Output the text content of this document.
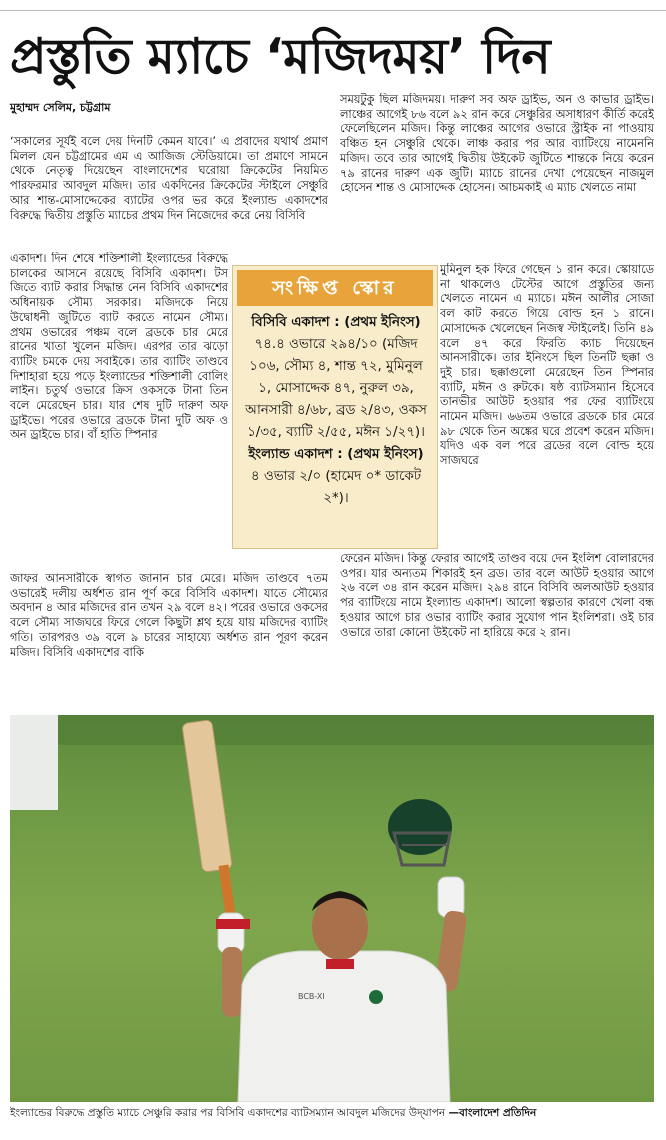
প্রস্তুতি ম্যাচে ‘মজিদময়’ দিন
মুহাম্মদ সেলিম, চট্টগ্রাম

‘সকালের সূর্যই বলে দেয় দিনটি কেমন যাবে।’ এ প্রবাদের যথার্থ প্রমাণ মিলল যেন চট্টগ্রামের এম এ আজিজ স্টেডিয়ামে। তা প্রমাণে সামনে থেকে নেতৃত্ব দিয়েছেন বাংলাদেশের ঘরোয়া ক্রিকেটের নিয়মিত পারফরমার আবদুল মজিদ। তার একদিনের ক্রিকেটের স্টাইলে সেঞ্চুরি আর শান্ত-মোসাদ্দেকের ব্যাটের ওপর ভর করে ইংল্যান্ড একাদশের বিরুদ্ধে দ্বিতীয় প্রস্তুতি ম্যাচের প্রথম দিন নিজেদের করে নেয় বিসিবি

একাদশ। দিন শেষে শক্তিশালী ইংল্যান্ডের বিরুদ্ধে চালকের আসনে রয়েছে বিসিবি একাদশ। টস জিতে ব্যাট করার সিদ্ধান্ত নেন বিসিবি একাদশের অধিনায়ক সৌম্য সরকার। মজিদকে নিয়ে উদ্বোধনী জুটিতে ব্যাট করতে নামেন সৌম্য। প্রথম ওভারের পঞ্চম বলে ব্রডকে চার মেরে রানের খাতা খুলেন মজিদ। এরপর তার ঝড়ো ব্যাটিং চমকে দেয় সবাইকে। তার ব্যাটিং তাণ্ডবে দিশাহারা হয়ে পড়ে ইংল্যান্ডের শক্তিশালী বোলিং লাইন। চতুর্থ ওভারে ক্রিস ওকসকে টানা তিন বলে মেরেছেন চার। যার শেষ দুটি দারুণ অফ ড্রাইভে। পরের ওভারে ব্রডকে টানা দুটি অফ ও অন ড্রাইভে চার। বাঁ হাতি স্পিনার

জাফর আনসারীকে স্বাগত জানান চার মেরে। মজিদ তাণ্ডবে ৭তম ওভারেই দলীয় অর্ধশত রান পূর্ণ করে বিসিবি একাদশ। যাতে সৌম্যের অবদান ৪ আর মজিদের রান তখন ২৯ বলে ৪২। পরের ওভারে ওকসের বলে সৌম্য সাজঘরে ফিরে গেলে কিছুটা শ্লথ হয়ে যায় মজিদের ব্যাটিং গতি। তারপরও ৩৯ বলে ৯ চারের সাহায্যে অর্ধশত রান পূরণ করেন মজিদ। বিসিবি একাদশের বাকি

সময়টুকু ছিল মজিদময়। দারুণ সব অফ ড্রাইভ, অন ও কাভার ড্রাইভ। লাঞ্চের আগেই ৮৬ বলে ৯২ রান করে সেঞ্চুরির অসাধারণ কীর্তি করেই ফেলেছিলেন মজিদ। কিন্তু লাঞ্চের আগের ওভারে স্ট্রাইক না পাওয়ায় বঞ্চিত হন সেঞ্চুরি থেকে। লাঞ্চ করার পর আর ব্যাটিংয়ে নামেননি মজিদ। তবে তার আগেই দ্বিতীয় উইকেট জুটিতে শান্তকে নিয়ে করেন ৭৯ রানের দারুণ এক জুটি। ম্যাচে রানের দেখা পেয়েছেন নাজমুল হোসেন শান্ত ও মোসাদ্দেক হোসেন। আচমকাই এ ম্যাচ খেলতে নামা

মুমিনুল হক ফিরে গেছেন ১ রান করে। স্কোয়াডে না থাকলেও টেস্টের আগে প্রস্তুতির জন্য খেলতে নামেন এ ম্যাচে। মঈন আলীর সোজা বল কাট করতে গিয়ে বোল্ড হন ১ রানে। মোসাদ্দেক খেলেছেন নিজস্ব স্টাইলেই। তিনি ৪৯ বলে ৪৭ করে ফিরতি ক্যাচ দিয়েছেন আনসারীকে। তার ইনিংসে ছিল তিনটি ছক্কা ও দুই চার। ছক্কাগুলো মেরেছেন তিন স্পিনার ব্যাটি, মঈন ও রুটকে। ষষ্ঠ ব্যাটসম্যান হিসেবে তানভীর আউট হওয়ার পর ফের ব্যাটিংয়ে নামেন মজিদ। ৬৬তম ওভারে ব্রডকে চার মেরে ৯৮ থেকে তিন অঙ্কের ঘরে প্রবেশ করেন মজিদ। যদিও এক বল পরে ব্রডের বলে বোল্ড হয়ে সাজঘরে

ফেরেন মজিদ। কিন্তু ফেরার আগেই তাণ্ডব বয়ে দেন ইংলিশ বোলারদের ওপর। যার অন্যতম শিকারই হন ব্রড। তার বলে আউট হওয়ার আগে ২৬ বলে ৩৪ রান করেন মজিদ। ২৯৪ রানে বিসিবি অলআউট হওয়ার পর ব্যাটিংয়ে নামে ইংল্যান্ড একাদশ। আলো স্বল্পতার কারণে খেলা বন্ধ হওয়ার আগে চার ওভার ব্যাটিং করার সুযোগ পান ইংলিশরা। ওই চার ওভারে তারা কোনো উইকেট না হারিয়ে করে ২ রান।

সংক্ষিপ্ত স্কোর
বিসিবি একাদশ : (প্রথম ইনিংস) ৭৪.৪ ওভারে ২৯৪/১০ (মজিদ ১০৬, সৌম্য ৪, শান্ত ৭২, মুমিনুল ১, মোসাদ্দেক ৪৭, নুরুল ৩৯, আনসারী ৪/৬৮, ব্রড ২/৪৩, ওকস ১/৩৫, ব্যাটি ২/৫৫, মঈন ১/২৭)।
ইংল্যান্ড একাদশ : (প্রথম ইনিংস) ৪ ওভার ২/০ (হামেদ ০* ডাকেট ২*)।
BCB-XI
ইংল্যান্ডের বিরুদ্ধে প্রস্তুতি ম্যাচে সেঞ্চুরি করার পর বিসিবি একাদশের ব্যাটসম্যান আবদুল মজিদের উদ্‌যাপন —বাংলাদেশ প্রতিদিন
